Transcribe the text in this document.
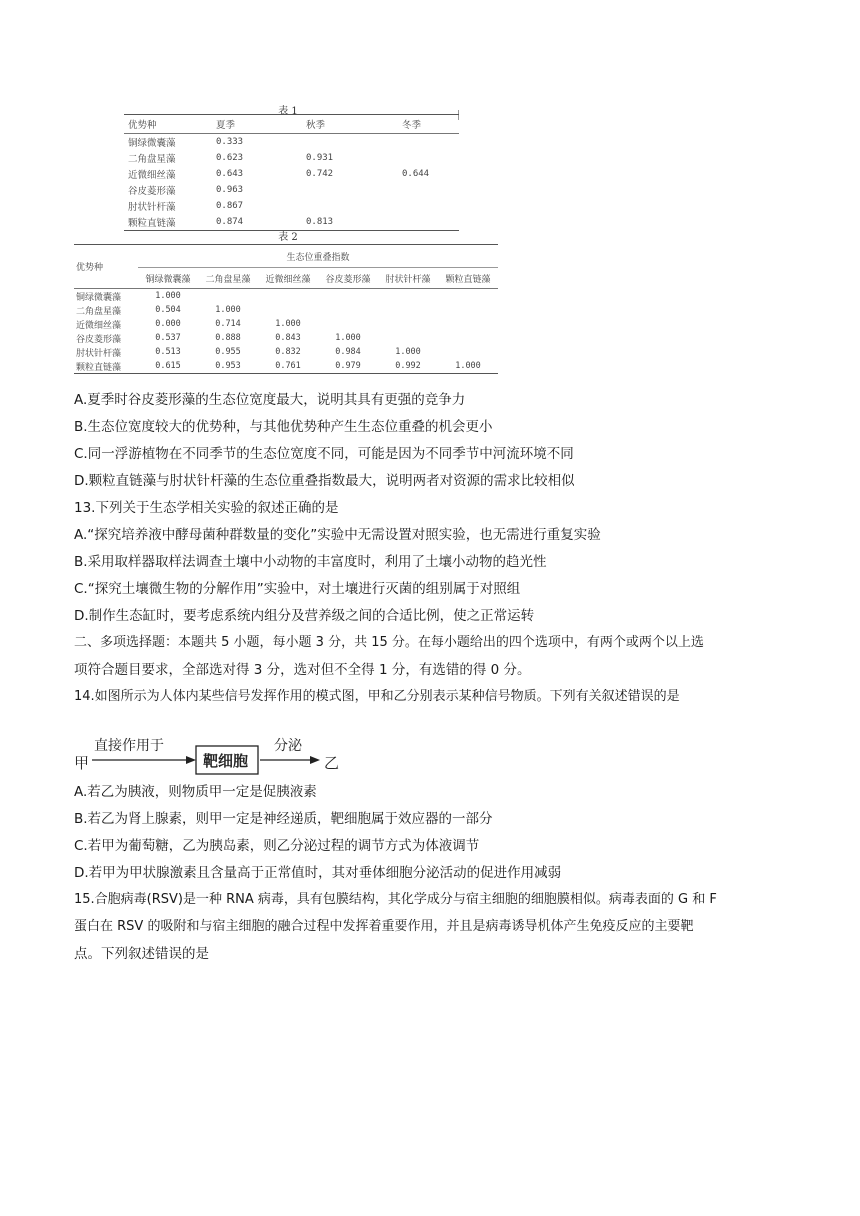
表 1
优势种	夏季	秋季	冬季
铜绿微囊藻	0.333		
二角盘星藻	0.623	0.931	
近微细丝藻	0.643	0.742	0.644
谷皮菱形藻	0.963		
肘状针杆藻	0.867		
颗粒直链藻	0.874	0.813	
表 2
优势种	生态位重叠指数					
	铜绿微囊藻	二角盘星藻	近微细丝藻	谷皮菱形藻	肘状针杆藻	颗粒直链藻
铜绿微囊藻	1.000					
二角盘星藻	0.504	1.000				
近微细丝藻	0.000	0.714	1.000			
谷皮菱形藻	0.537	0.888	0.843	1.000		
肘状针杆藻	0.513	0.955	0.832	0.984	1.000	
颗粒直链藻	0.615	0.953	0.761	0.979	0.992	1.000
A.夏季时谷皮菱形藻的生态位宽度最大，说明其具有更强的竞争力
B.生态位宽度较大的优势种，与其他优势种产生生态位重叠的机会更小
C.同一浮游植物在不同季节的生态位宽度不同，可能是因为不同季节中河流环境不同
D.颗粒直链藻与肘状针杆藻的生态位重叠指数最大，说明两者对资源的需求比较相似
13.下列关于生态学相关实验的叙述正确的是
A.“探究培养液中酵母菌种群数量的变化”实验中无需设置对照实验，也无需进行重复实验
B.采用取样器取样法调查土壤中小动物的丰富度时，利用了土壤小动物的趋光性
C.“探究土壤微生物的分解作用”实验中，对土壤进行灭菌的组别属于对照组
D.制作生态缸时，要考虑系统内组分及营养级之间的合适比例，使之正常运转
二、多项选择题：本题共 5 小题，每小题 3 分，共 15 分。在每小题给出的四个选项中，有两个或两个以上选
项符合题目要求，全部选对得 3 分，选对但不全得 1 分，有选错的得 0 分。
14.如图所示为人体内某些信号发挥作用的模式图，甲和乙分别表示某种信号物质。下列有关叙述错误的是
甲
直接作用于
靶细胞
分泌
乙
A.若乙为胰液，则物质甲一定是促胰液素
B.若乙为肾上腺素，则甲一定是神经递质，靶细胞属于效应器的一部分
C.若甲为葡萄糖，乙为胰岛素，则乙分泌过程的调节方式为体液调节
D.若甲为甲状腺激素且含量高于正常值时，其对垂体细胞分泌活动的促进作用减弱
15.合胞病毒(RSV)是一种 RNA 病毒，具有包膜结构，其化学成分与宿主细胞的细胞膜相似。病毒表面的 G 和 F
蛋白在 RSV 的吸附和与宿主细胞的融合过程中发挥着重要作用，并且是病毒诱导机体产生免疫反应的主要靶
点。下列叙述错误的是
